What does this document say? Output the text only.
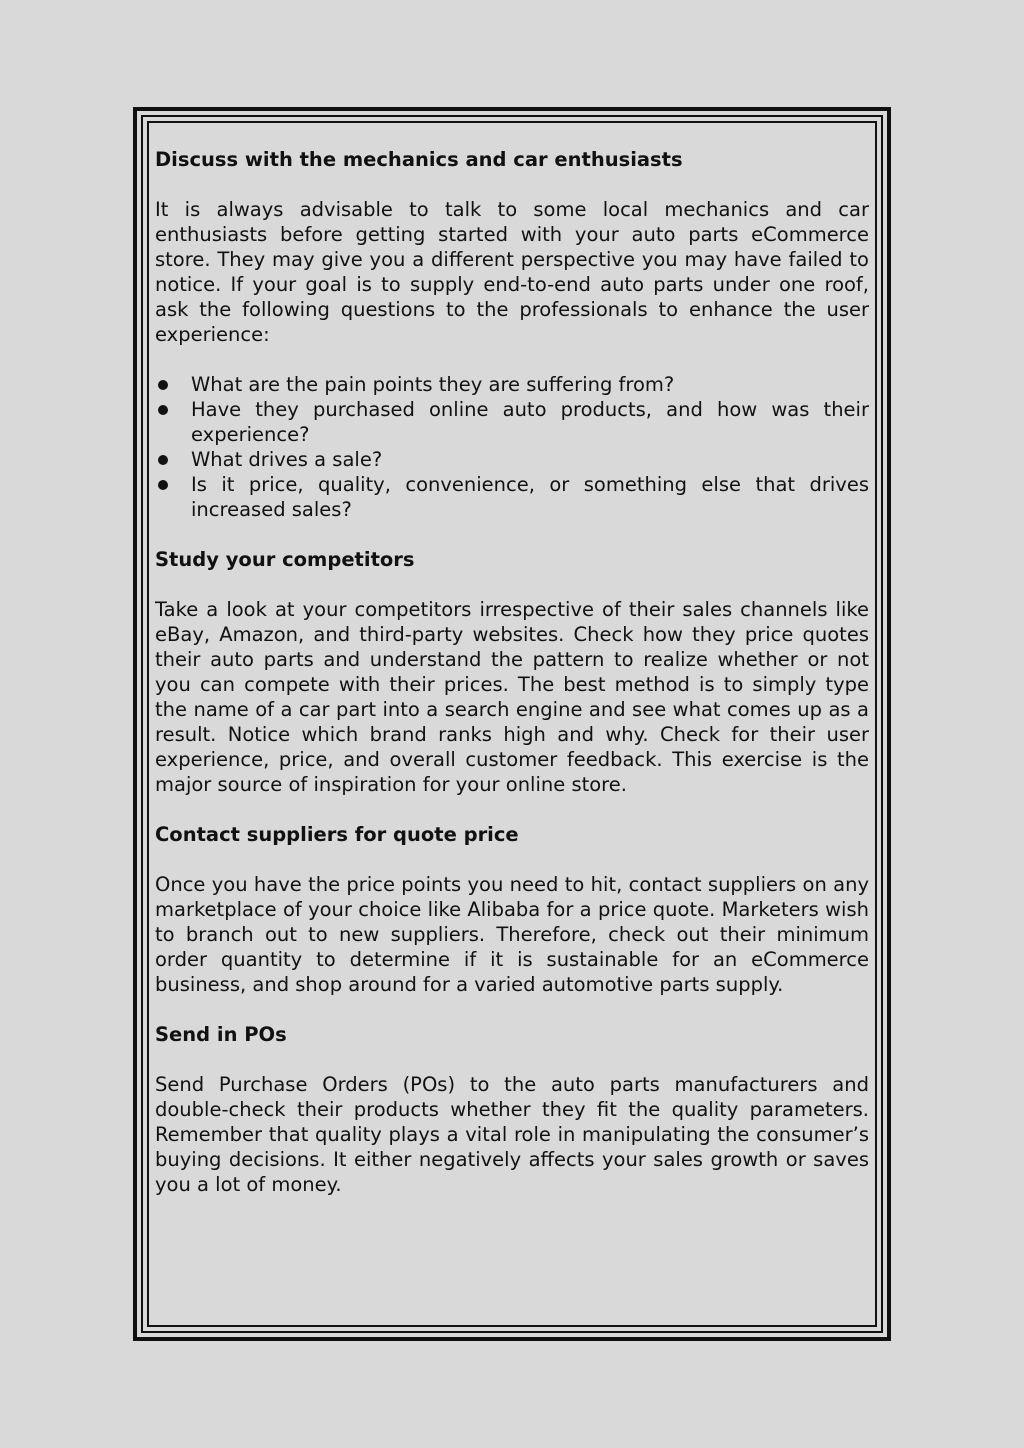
Discuss with the mechanics and car enthusiasts
It is always advisable to talk to some local mechanics and car enthusiasts before getting started with your auto parts eCommerce store. They may give you a different perspective you may have failed to notice. If your goal is to supply end-to-end auto parts under one roof, ask the following questions to the professionals to enhance the user experience:
What are the pain points they are suffering from?
Have they purchased online auto products, and how was their experience?
What drives a sale?
Is it price, quality, convenience, or something else that drives increased sales?
Study your competitors
Take a look at your competitors irrespective of their sales channels like eBay, Amazon, and third-party websites. Check how they price quotes their auto parts and understand the pattern to realize whether or not you can compete with their prices. The best method is to simply type the name of a car part into a search engine and see what comes up as a result. Notice which brand ranks high and why. Check for their user experience, price, and overall customer feedback. This exercise is the major source of inspiration for your online store.
Contact suppliers for quote price
Once you have the price points you need to hit, contact suppliers on any marketplace of your choice like Alibaba for a price quote. Marketers wish to branch out to new suppliers. Therefore, check out their minimum order quantity to determine if it is sustainable for an eCommerce business, and shop around for a varied automotive parts supply.
Send in POs
Send Purchase Orders (POs) to the auto parts manufacturers and double-check their products whether they fit the quality parameters. Remember that quality plays a vital role in manipulating the consumer’s buying decisions. It either negatively affects your sales growth or saves you a lot of money.
